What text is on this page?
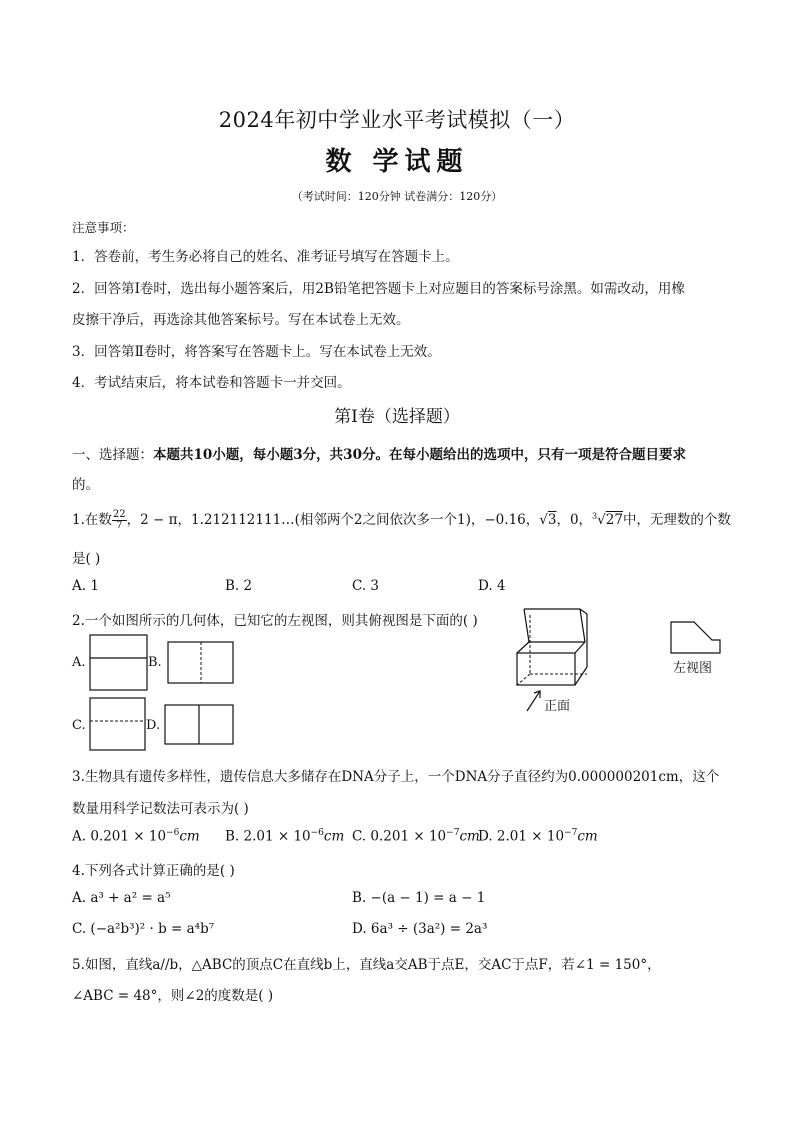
2024年初中学业水平考试模拟（一）
数 学试题
（考试时间：120分钟 试卷满分：120分）
注意事项：
1．答卷前，考生务必将自己的姓名、准考证号填写在答题卡上。
2．回答第Ⅰ卷时，选出每小题答案后，用2B铅笔把答题卡上对应题目的答案标号涂黑。如需改动，用橡
皮擦干净后，再选涂其他答案标号。写在本试卷上无效。
3．回答第Ⅱ卷时，将答案写在答题卡上。写在本试卷上无效。
4．考试结束后，将本试卷和答题卡一并交回。
第Ⅰ卷（选择题）
一、选择题：本题共10小题，每小题3分，共30分。在每小题给出的选项中，只有一项是符合题目要求
的。
1.在数 $\frac{22}{7}$ ，2 − π，1.212112111…(相邻两个2之间依次多一个1)，−0.16，√3，0，$^3$√27中，无理数的个数
是( )
A. 1	B. 2	C. 3	D. 4
2.一个如图所示的几何体，已知它的左视图，则其俯视图是下面的( )
A.	B.
C.	D.
正面
左视图
3.生物具有遗传多样性，遗传信息大多储存在DNA分子上，一个DNA分子直径约为0.000000201cm，这个
数量用科学记数法可表示为( )
A. $0.201 \times 10^{-6}cm$ B. $2.01 \times 10^{-6}cm$ C. $0.201 \times 10^{-7}cm$
D. $2.01 \times 10^{-7}cm$
4.下列各式计算正确的是( )
A. a³ + a² = a⁵	B. −(a − 1) = a − 1
C. (−a²b³)² · b = a⁴b⁷	D. 6a³ ÷ (3a²) = 2a³
5.如图，直线a//b，△ABC的顶点C在直线b上，直线a交AB于点E，交AC于点F，若∠1 = 150°，
∠ABC = 48°，则∠2的度数是( )
